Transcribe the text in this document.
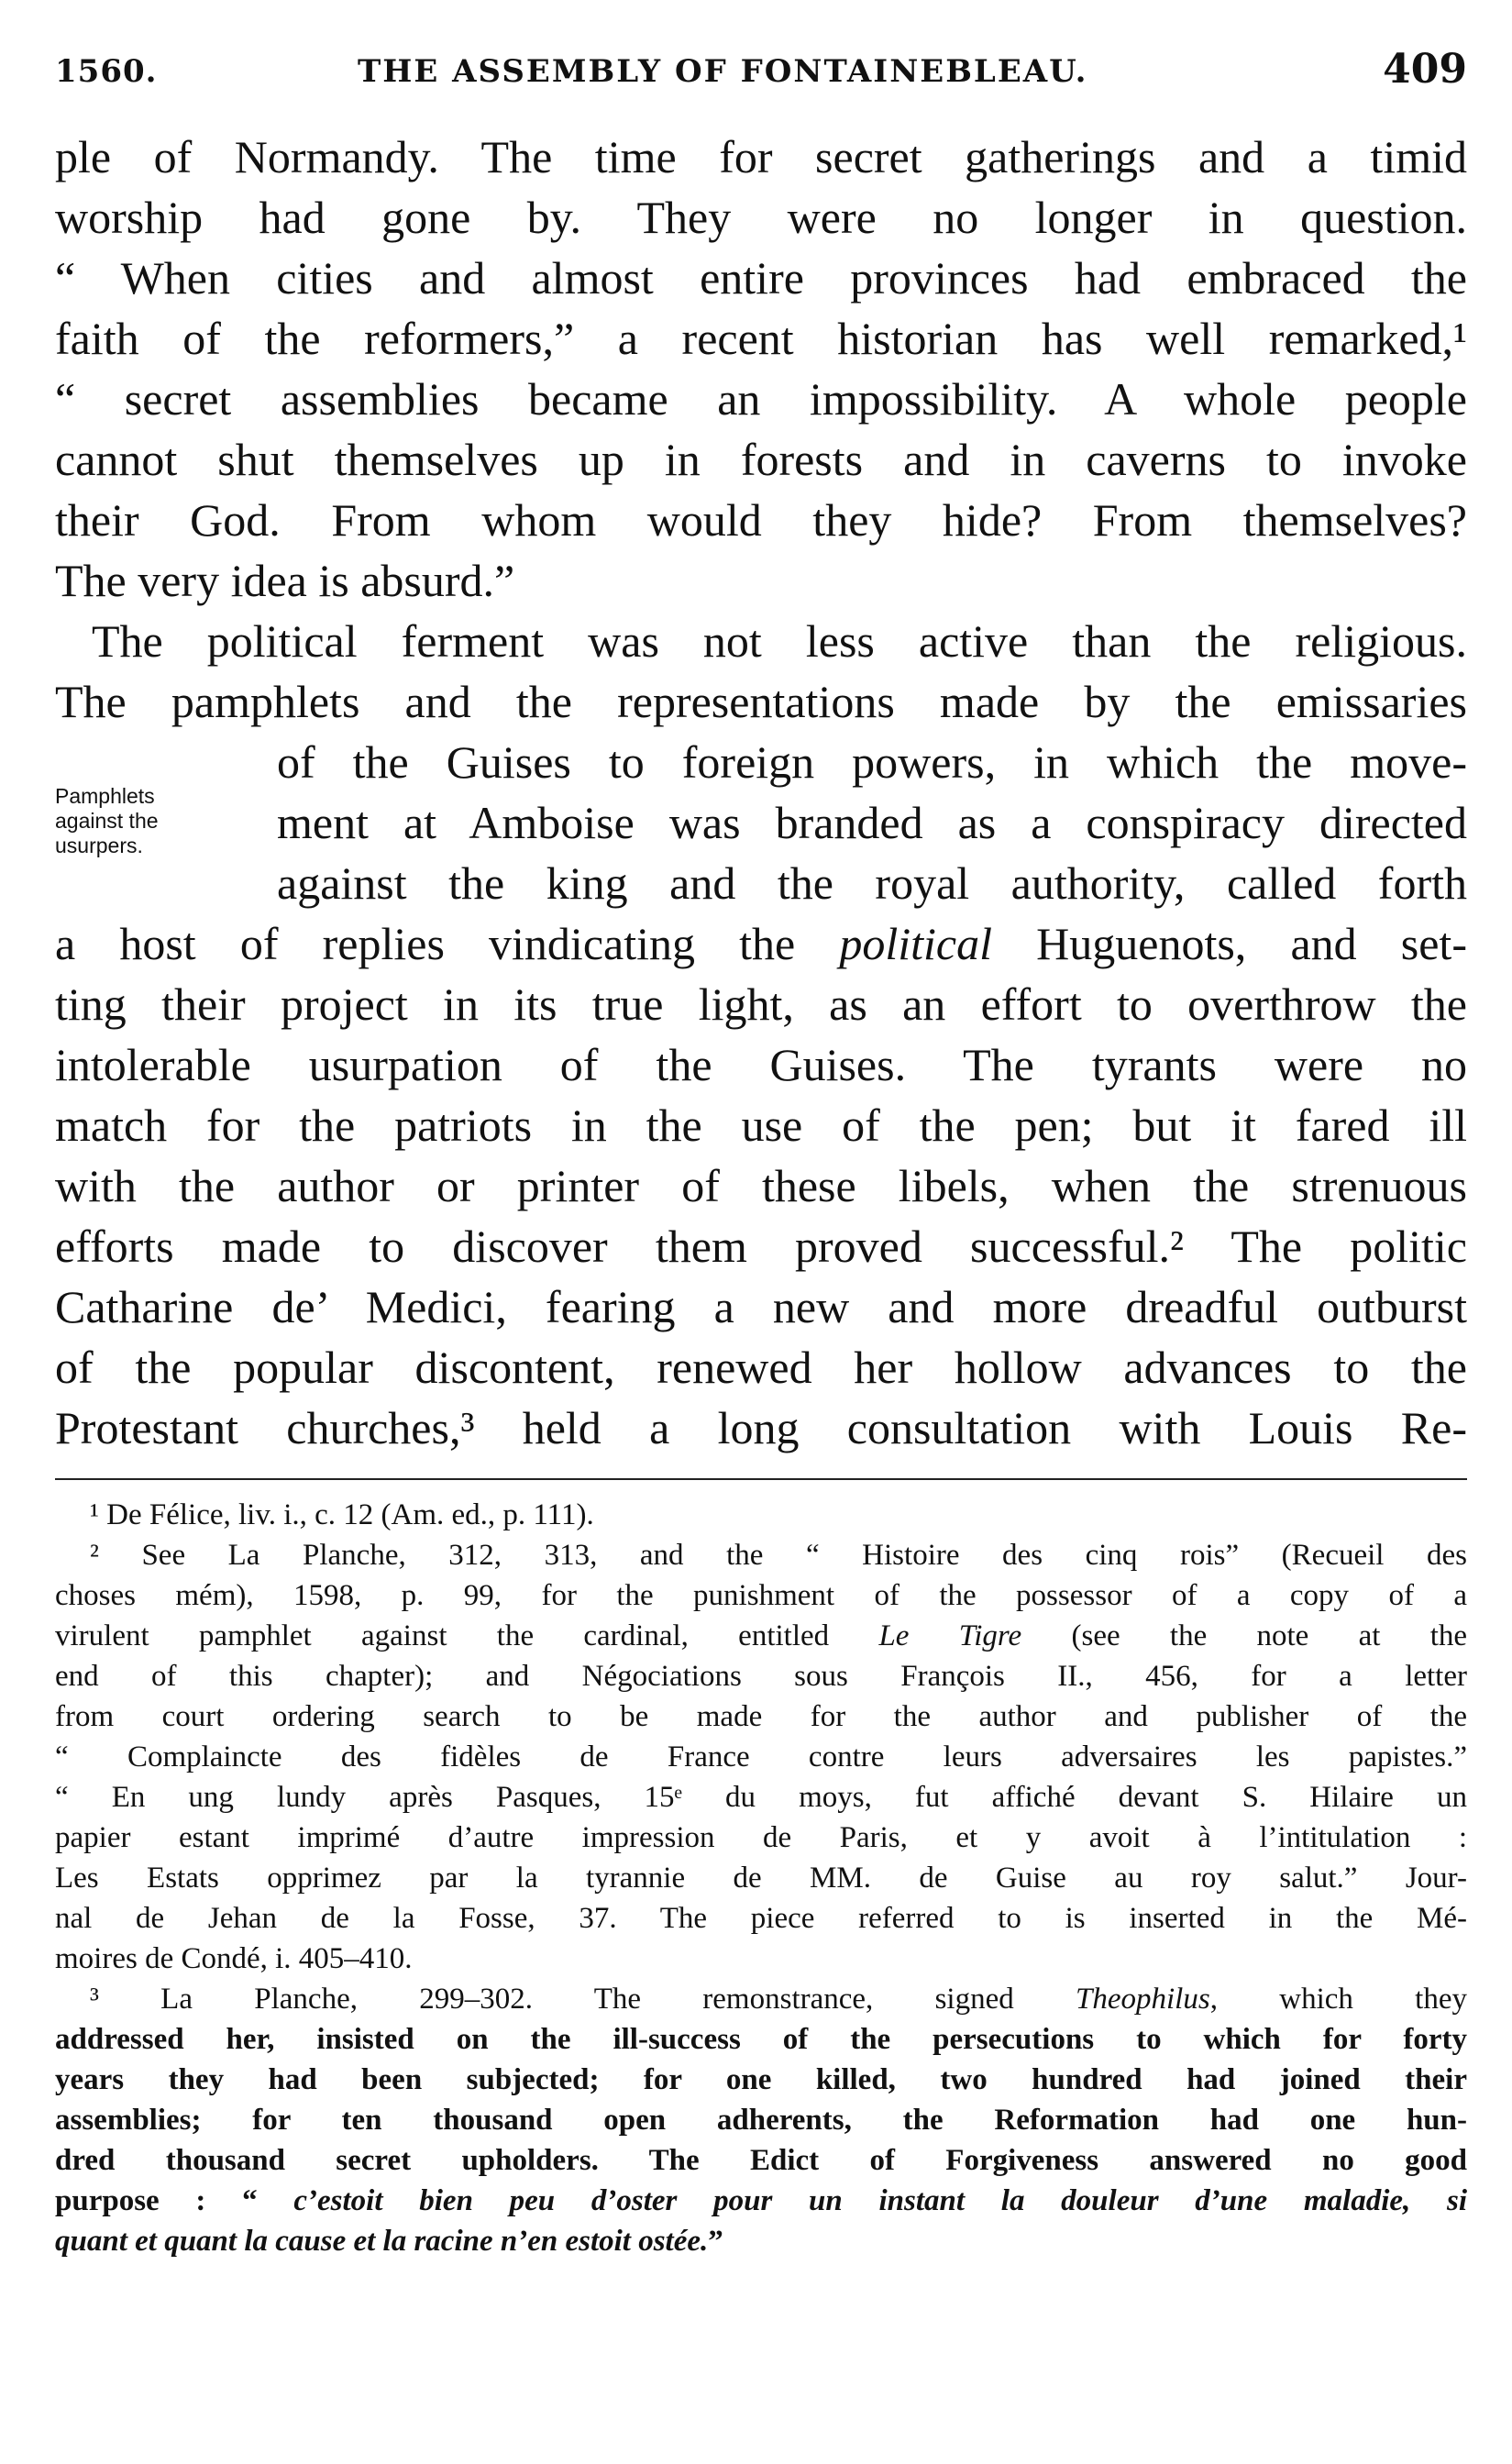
1560.	THE ASSEMBLY OF FONTAINEBLEAU.	409
ple of Normandy. The time for secret gatherings and a timid
worship had gone by. They were no longer in question.
“ When cities and almost entire provinces had embraced the
faith of the reformers,” a recent historian has well remarked,¹
“ secret assemblies became an impossibility. A whole people
cannot shut themselves up in forests and in caverns to invoke
their God. From whom would they hide? From themselves?
The very idea is absurd.”
The political ferment was not less active than the religious.
The pamphlets and the representations made by the emissaries
of the Guises to foreign powers, in which the move-
ment at Amboise was branded as a conspiracy directed
against the king and the royal authority, called forth
a host of replies vindicating the political Huguenots, and set-
ting their project in its true light, as an effort to overthrow the
intolerable usurpation of the Guises. The tyrants were no
match for the patriots in the use of the pen; but it fared ill
with the author or printer of these libels, when the strenuous
efforts made to discover them proved successful.² The politic
Catharine de’ Medici, fearing a new and more dreadful outburst
of the popular discontent, renewed her hollow advances to the
Protestant churches,³ held a long consultation with Louis Re-
Pamphlets
against the
usurpers.
¹ De Félice, liv. i., c. 12 (Am. ed., p. 111).
² See La Planche, 312, 313, and the “ Histoire des cinq rois” (Recueil des
choses mém), 1598, p. 99, for the punishment of the possessor of a copy of a
virulent pamphlet against the cardinal, entitled Le Tigre (see the note at the
end of this chapter); and Négociations sous François II., 456, for a letter
from court ordering search to be made for the author and publisher of the
“ Complaincte des fidèles de France contre leurs adversaires les papistes.”
“ En ung lundy après Pasques, 15ᵉ du moys, fut affiché devant S. Hilaire un
papier estant imprimé d’autre impression de Paris, et y avoit à l’intitulation :
Les Estats opprimez par la tyrannie de MM. de Guise au roy salut.” Jour-
nal de Jehan de la Fosse, 37. The piece referred to is inserted in the Mé-
moires de Condé, i. 405–410.
³ La Planche, 299–302. The remonstrance, signed Theophilus, which they
addressed her, insisted on the ill-success of the persecutions to which for forty
years they had been subjected; for one killed, two hundred had joined their
assemblies; for ten thousand open adherents, the Reformation had one hun-
dred thousand secret upholders. The Edict of Forgiveness answered no good
purpose : “ c’estoit bien peu d’oster pour un instant la douleur d’une maladie, si
quant et quant la cause et la racine n’en estoit ostée.”
